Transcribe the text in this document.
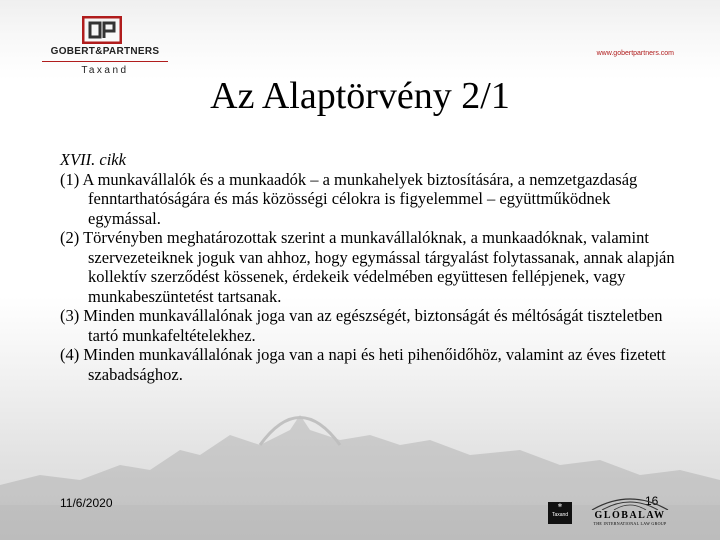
GOBERT&PARTNERS
Taxand
www.gobertpartners.com
Az Alaptörvény 2/1

XVII. cikk

(1) A munkavállalók és a munkaadók – a munkahelyek biztosítására, a nemzetgazdaság fenntarthatóságára és más közösségi célokra is figyelemmel – együttműködnek egymással.

(2) Törvényben meghatározottak szerint a munkavállalóknak, a munkaadóknak, valamint szervezeteiknek joguk van ahhoz, hogy egymással tárgyalást folytassanak, annak alapján kollektív szerződést kössenek, érdekeik védelmében együttesen fellépjenek, vagy munkabeszüntetést tartsanak.

(3) Minden munkavállalónak joga van az egészségét, biztonságát és méltóságát tiszteletben tartó munkafeltételekhez.

(4) Minden munkavállalónak joga van a napi és heti pihenőidőhöz, valamint az éves fizetett szabadsághoz.

11/6/2020	16
✻
Taxand	GLOBALAW
THE INTERNATIONAL LAW GROUP
